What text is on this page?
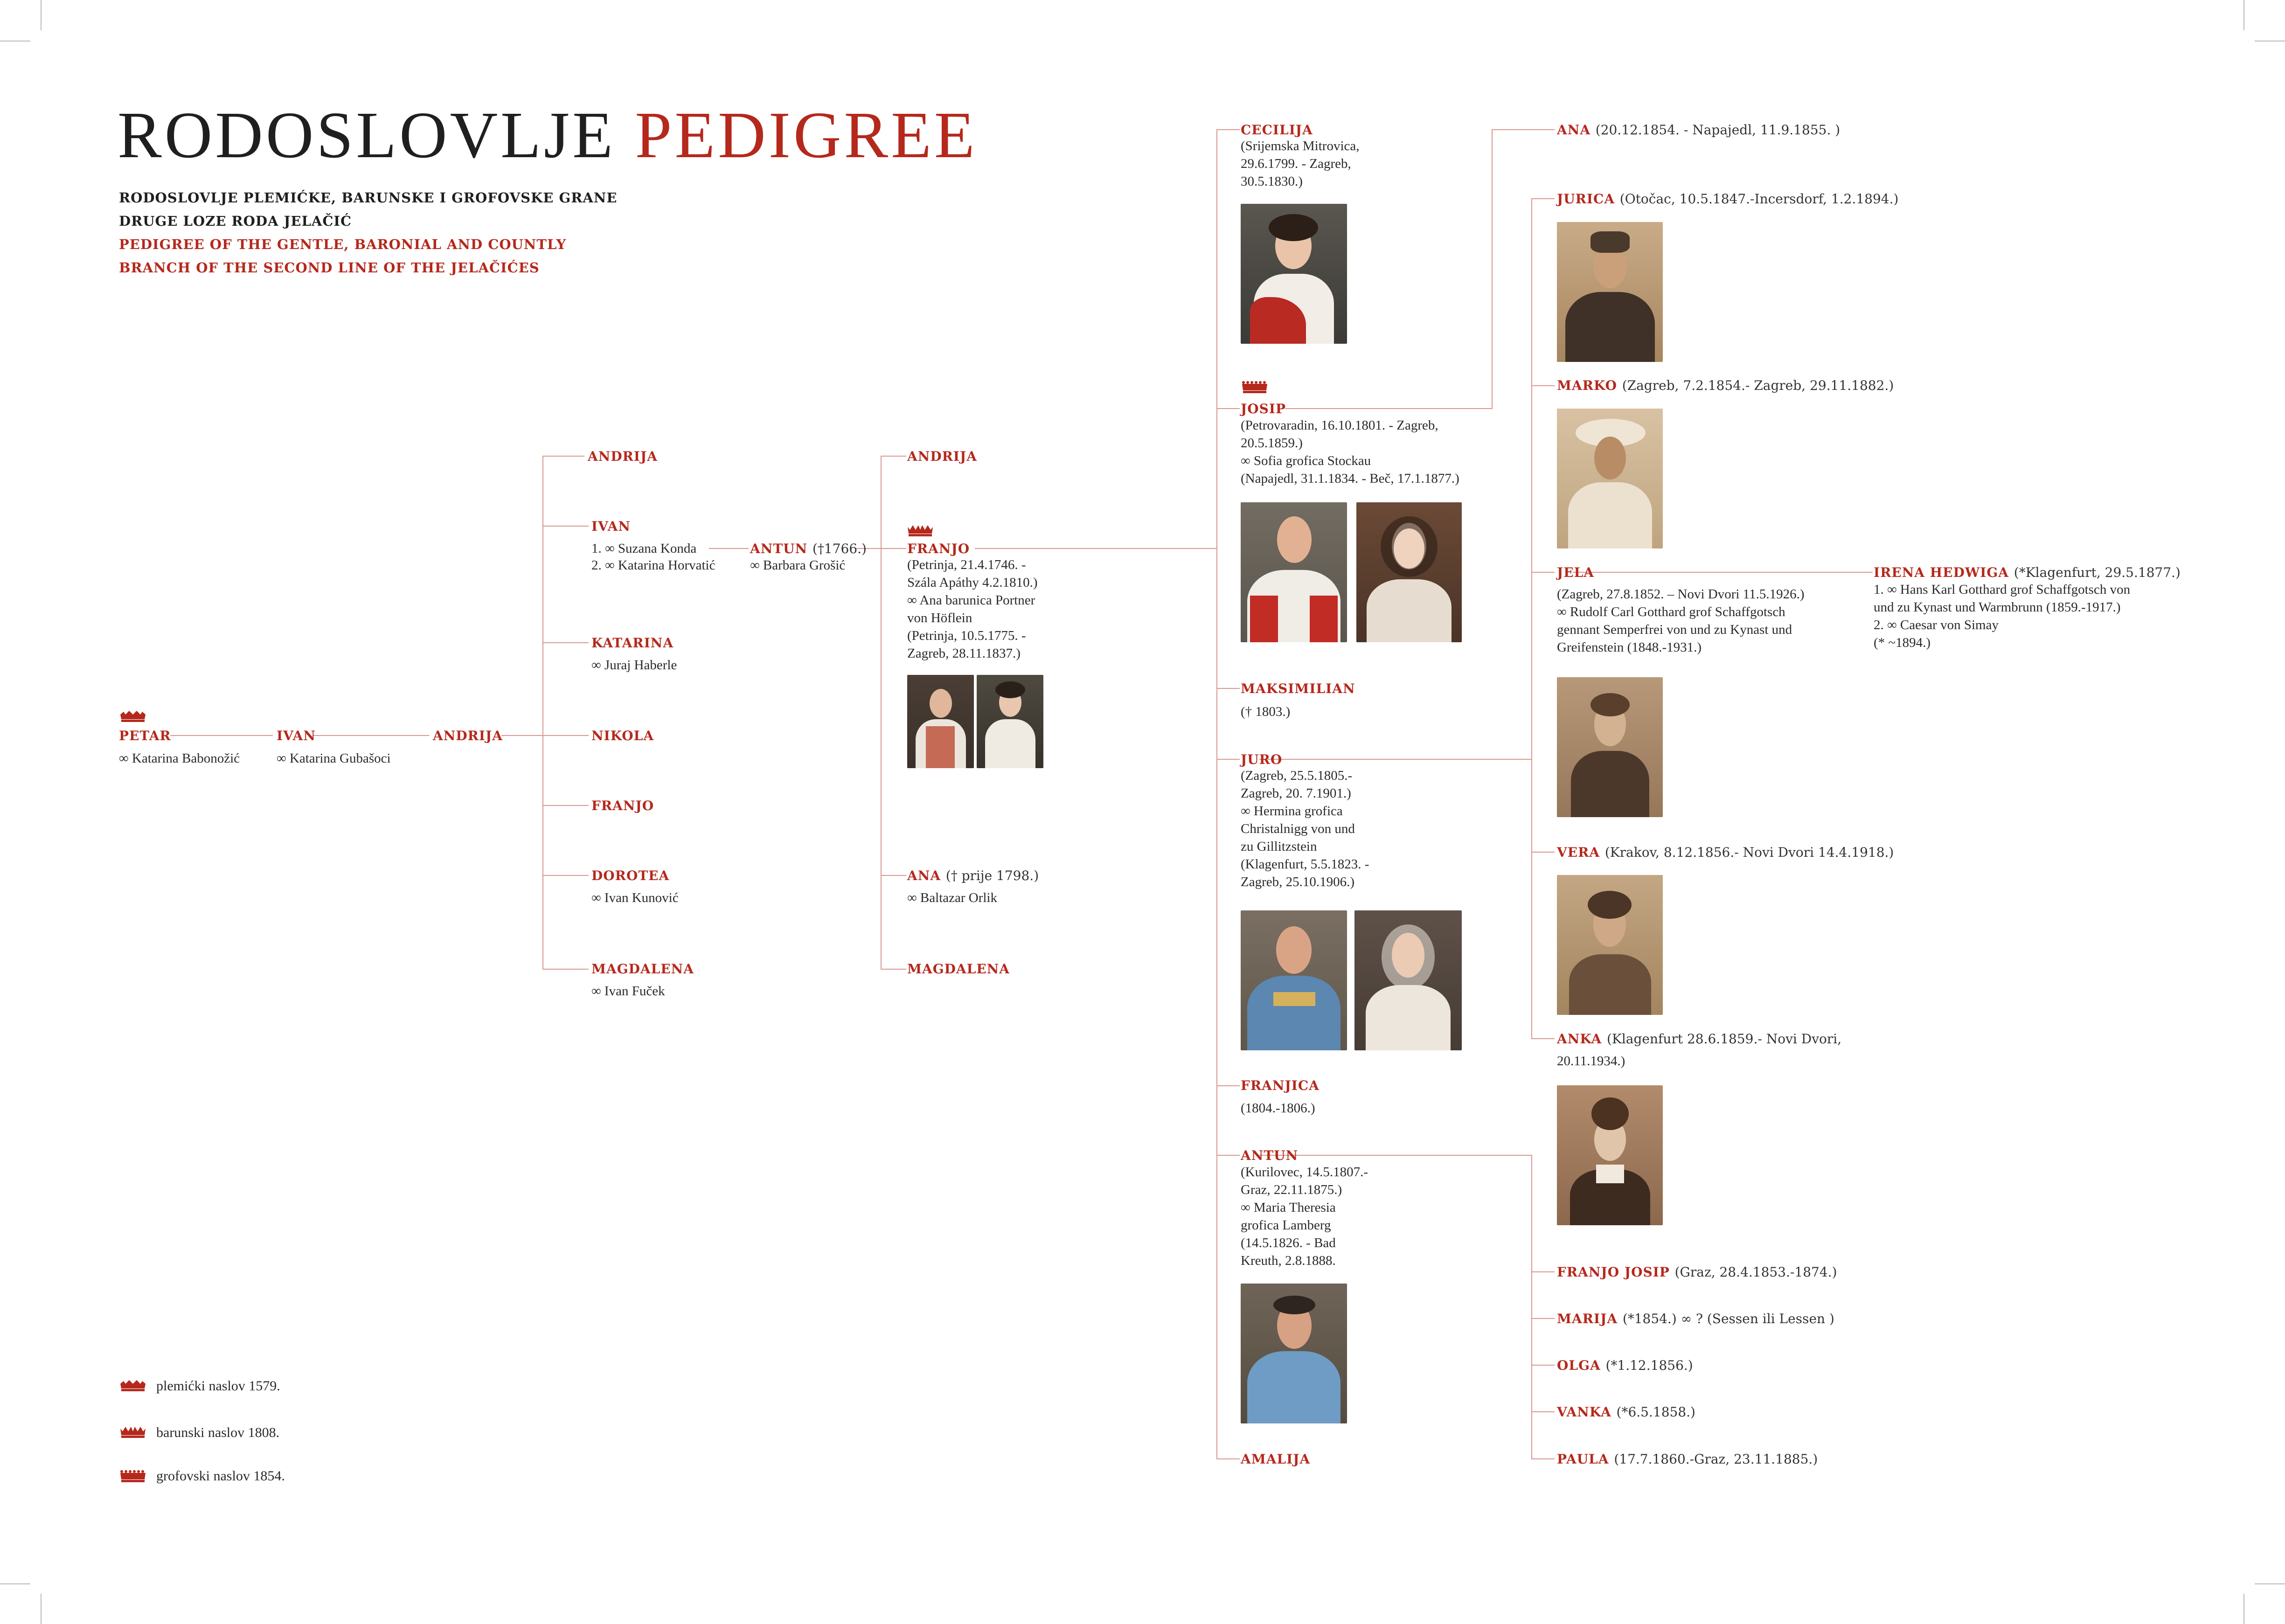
RODOSLOVLJE PEDIGREE
RODOSLOVLJE PLEMIĆKE, BARUNSKE I GROFOVSKE GRANE
DRUGE LOZE RODA JELAČIĆ
PEDIGREE OF THE GENTLE, BARONIAL AND COUNTLY
BRANCH OF THE SECOND LINE OF THE JELAČIĆES
PETAR
∞ Katarina Babonožić
IVAN
∞ Katarina Gubašoci
ANDRIJA
ANDRIJA
IVAN
1. ∞ Suzana Konda
2. ∞ Katarina Horvatić
KATARINA
∞ Juraj Haberle
NIKOLA
FRANJO
DOROTEA
∞ Ivan Kunović
MAGDALENA
∞ Ivan Fuček
ANTUN (†1766.)
∞ Barbara Grošić
ANDRIJA
FRANJO
(Petrinja, 21.4.1746. -
Szála Apáthy 4.2.1810.)
∞ Ana barunica Portner
von Höflein
(Petrinja, 10.5.1775. -
Zagreb, 28.11.1837.)
ANA († prije 1798.)
∞ Baltazar Orlik
MAGDALENA
CECILIJA
(Srijemska Mitrovica,
29.6.1799. - Zagreb,
30.5.1830.)
JOSIP
(Petrovaradin, 16.10.1801. - Zagreb,
20.5.1859.)
∞ Sofia grofica Stockau
(Napajedl, 31.1.1834. - Beč, 17.1.1877.)
MAKSIMILIAN
(† 1803.)
JURO
(Zagreb, 25.5.1805.-
Zagreb, 20. 7.1901.)
∞ Hermina grofica
Christalnigg von und
zu Gillitzstein
(Klagenfurt, 5.5.1823. -
Zagreb, 25.10.1906.)
FRANJICA
(1804.-1806.)
ANTUN
(Kurilovec, 14.5.1807.-
Graz, 22.11.1875.)
∞ Maria Theresia
grofica Lamberg
(14.5.1826. - Bad
Kreuth, 2.8.1888.
AMALIJA
ANA (20.12.1854. - Napajedl, 11.9.1855. )
JURICA (Otočac, 10.5.1847.-Incersdorf, 1.2.1894.)
MARKO (Zagreb, 7.2.1854.- Zagreb, 29.11.1882.)
JELA
(Zagreb, 27.8.1852. – Novi Dvori 11.5.1926.)
∞ Rudolf Carl Gotthard grof Schaffgotsch
gennant Semperfrei von und zu Kynast und
Greifenstein (1848.-1931.)
VERA (Krakov, 8.12.1856.- Novi Dvori 14.4.1918.)
ANKA (Klagenfurt 28.6.1859.- Novi Dvori,
20.11.1934.)
FRANJO JOSIP (Graz, 28.4.1853.-1874.)
MARIJA (*1854.) ∞ ? (Sessen ili Lessen )
OLGA (*1.12.1856.)
VANKA (*6.5.1858.)
PAULA (17.7.1860.-Graz, 23.11.1885.)
IRENA HEDWIGA (*Klagenfurt, 29.5.1877.)
1. ∞ Hans Karl Gotthard grof Schaffgotsch von
und zu Kynast und Warmbrunn (1859.-1917.)
2. ∞ Caesar von Simay
(* ~1894.)
plemićki naslov 1579.
barunski naslov 1808.
grofovski naslov 1854.
